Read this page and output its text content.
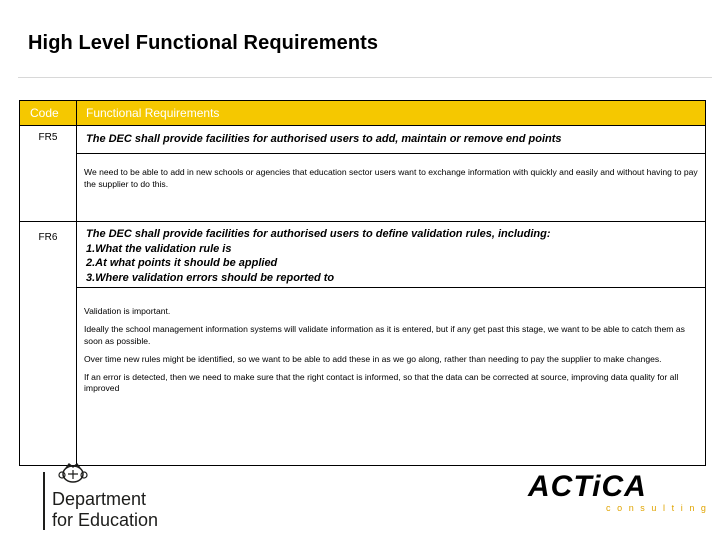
High Level Functional Requirements
Code Functional Requirements
FR5	The DEC shall provide facilities for authorised users to add, maintain or remove end points

We need to be able to add in new schools or agencies that education sector users want to exchange information with quickly and easily and without having to pay the supplier to do this.

FR6	The DEC shall provide facilities for authorised users to define validation rules, including:
1.What the validation rule is
2.At what points it should be applied
3.Where validation errors should be reported to

Validation is important.

Ideally the school management information systems will validate information as it is entered, but if any get past this stage, we want to be able to catch them as soon as possible.

Over time new rules might be identified, so we want to be able to add these in as we go along, rather than needing to pay the supplier to make changes.

If an error is detected, then we need to make sure that the right contact is informed, so that the data can be corrected at source, improving data quality for all improved

Department
for Education
ACTiCA
consulting
